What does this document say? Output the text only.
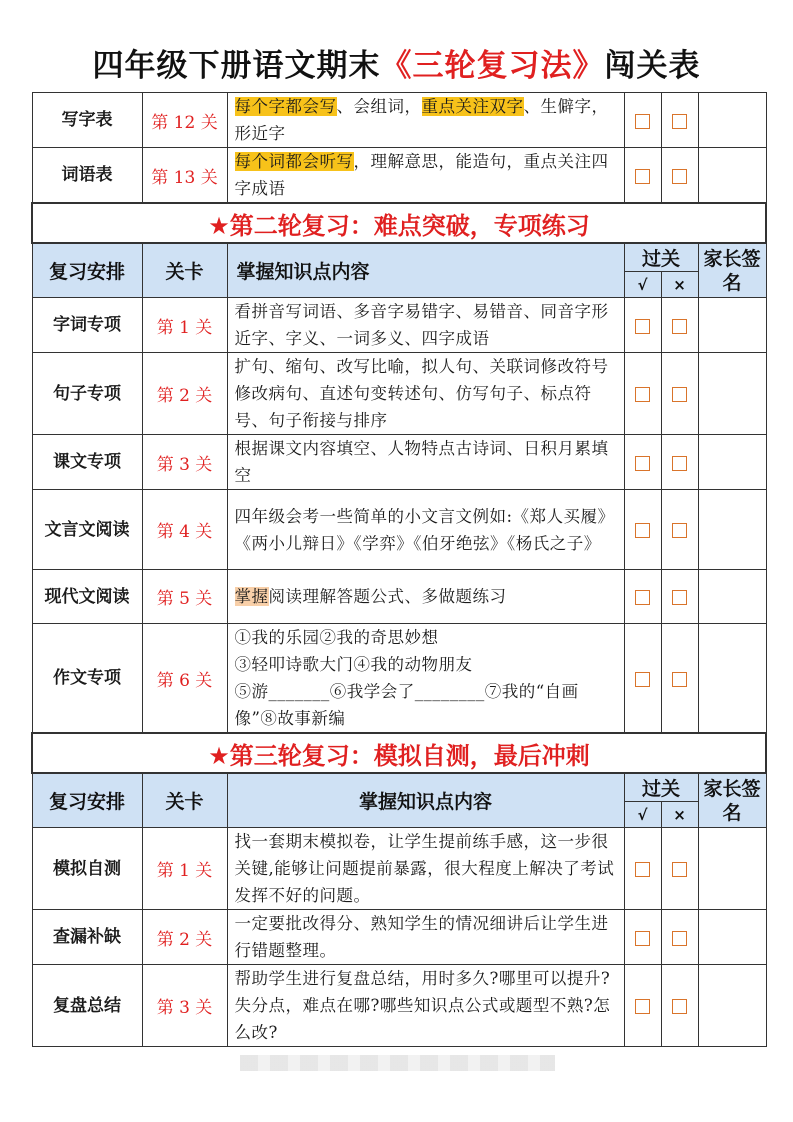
四年级下册语文期末《三轮复习法》闯关表
写字表	第 12 关	每个字都会写、会组词，重点关注双字、生僻字，形近字			
词语表	第 13 关	每个词都会听写，理解意思，能造句，重点关注四字成语			
★第二轮复习：难点突破，专项练习					
复习安排	关卡	掌握知识点内容	过关		家长签名
			√	×	
字词专项	第 1 关	看拼音写词语、多音字易错字、易错音、同音字形近字、字义、一词多义、四字成语			
句子专项	第 2 关	扩句、缩句、改写比喻，拟人句、关联词修改符号修改病句、直述句变转述句、仿写句子、标点符号、句子衔接与排序			
课文专项	第 3 关	根据课文内容填空、人物特点古诗词、日积月累填空			
文言文阅读	第 4 关	四年级会考一些简单的小文言文例如:《郑人买履》《两小儿辩日》《学弈》《伯牙绝弦》《杨氏之子》			
现代文阅读	第 5 关	掌握阅读理解答题公式、多做题练习			
作文专项	第 6 关	①我的乐园②我的奇思妙想
③轻叩诗歌大门④我的动物朋友
⑤游_______⑥我学会了________⑦我的“自画像”⑧故事新编			
★第三轮复习：模拟自测，最后冲刺					
复习安排	关卡	掌握知识点内容	过关		家长签名
			√	×	
模拟自测	第 1 关	找一套期末模拟卷，让学生提前练手感，这一步很关键,能够让问题提前暴露，很大程度上解决了考试发挥不好的问题。			
查漏补缺	第 2 关	一定要批改得分、熟知学生的情况细讲后让学生进行错题整理。			
复盘总结	第 3 关	帮助学生进行复盘总结，用时多久?哪里可以提升?失分点，难点在哪?哪些知识点公式或题型不熟?怎么改?			
